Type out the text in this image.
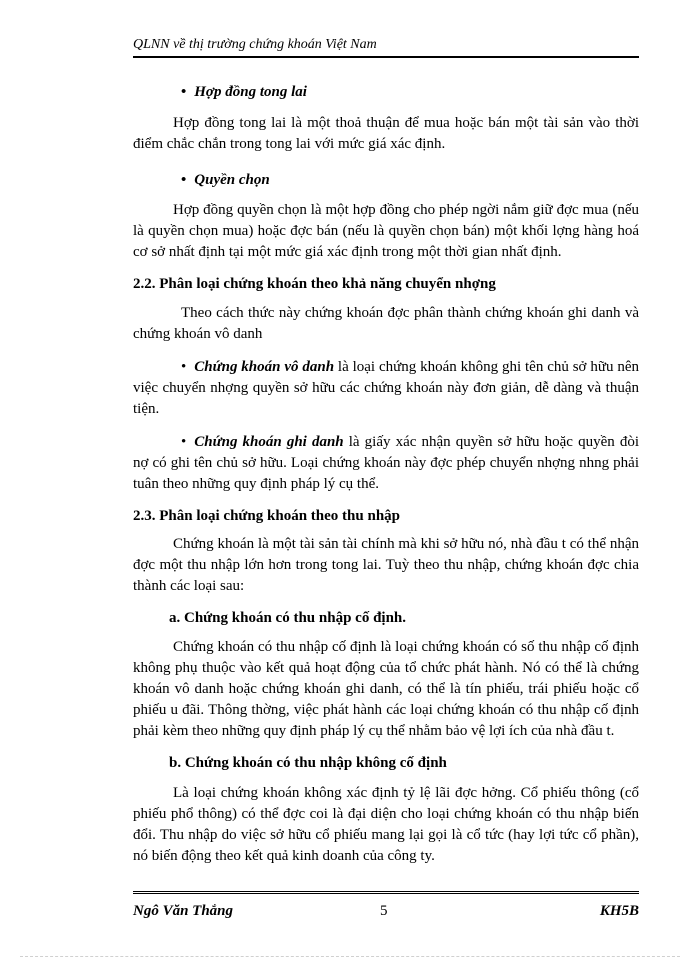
QLNN về thị trường chứng khoán Việt Nam

• Hợp đồng tong lai

Hợp đồng tong lai là một thoả thuận để mua hoặc bán một tài sản vào thời điểm chắc chắn trong tong lai với mức giá xác định.

• Quyền chọn

Hợp đồng quyền chọn là một hợp đồng cho phép ngời nắm giữ đợc mua (nếu là quyền chọn mua) hoặc đợc bán (nếu là quyền chọn bán) một khối lợng hàng hoá cơ sở nhất định tại một mức giá xác định trong một thời gian nhất định.

2.2. Phân loại chứng khoán theo khả năng chuyển nhợng

Theo cách thức này chứng khoán đợc phân thành chứng khoán ghi danh và chứng khoán vô danh

• Chứng khoán vô danh là loại chứng khoán không ghi tên chủ sở hữu nên việc chuyển nhợng quyền sở hữu các chứng khoán này đơn giản, dễ dàng và thuận tiện.

• Chứng khoán ghi danh là giấy xác nhận quyền sở hữu hoặc quyền đòi nợ có ghi tên chủ sở hữu. Loại chứng khoán này đợc phép chuyển nhợng nhng phải tuân theo những quy định pháp lý cụ thể.

2.3. Phân loại chứng khoán theo thu nhập

Chứng khoán là một tài sản tài chính mà khi sở hữu nó, nhà đầu t có thể nhận đợc một thu nhập lớn hơn trong tong lai. Tuỳ theo thu nhập, chứng khoán đợc chia thành các loại sau:

a. Chứng khoán có thu nhập cố định.

Chứng khoán có thu nhập cố định là loại chứng khoán có số thu nhập cố định không phụ thuộc vào kết quả hoạt động của tổ chức phát hành. Nó có thể là chứng khoán vô danh hoặc chứng khoán ghi danh, có thể là tín phiếu, trái phiếu hoặc cổ phiếu u đãi. Thông thờng, việc phát hành các loại chứng khoán có thu nhập cố định phải kèm theo những quy định pháp lý cụ thể nhằm bảo vệ lợi ích của nhà đầu t.

b. Chứng khoán có thu nhập không cố định

Là loại chứng khoán không xác định tỷ lệ lãi đợc hởng. Cổ phiếu thông (cổ phiếu phổ thông) có thể đợc coi là đại diện cho loại chứng khoán có thu nhập biến đổi. Thu nhập do việc sở hữu cổ phiếu mang lại gọi là cổ tức (hay lợi tức cổ phần), nó biến động theo kết quả kinh doanh của công ty.

Ngô Văn Thắng	5	KH5B
